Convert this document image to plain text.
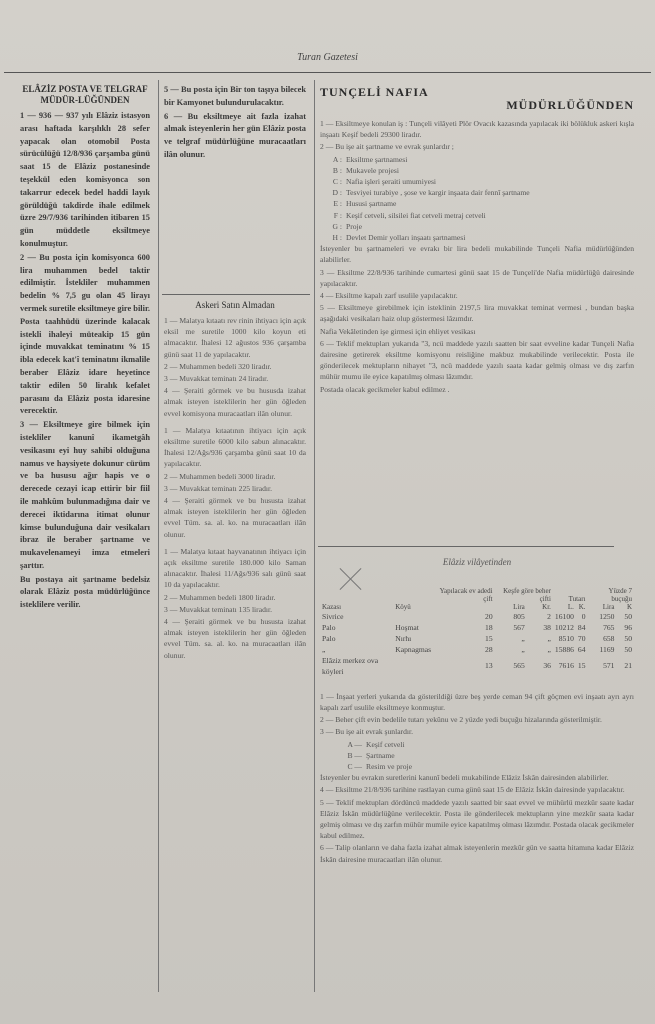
Turan Gazetesi
ELÂZİZ POSTA VE TELGRAF MÜDÜR-LÜĞÜNDEN

1 — 936 — 937 yılı Elâziz istasyon arası haftada karşılıklı 28 sefer yapacak olan otomobil Posta sürücülüğü 12/8/936 çarşamba günü saat 15 de Elâziz postanesinde teşekkül eden komisyonca son takarrur edecek bedel haddi layık görüldüğü takdirde ihale edilmek üzre 29/7/936 tarihinden itibaren 15 gün müddetle eksiltmeye konulmuştur.

2 — Bu posta için komisyonca 600 lira muhammen bedel taktir edilmiştir. İstekliler muhammen bedelin % 7,5 gu olan 45 lirayı vermek suretile eksiltmeye gire bilir. Posta taahhüdü üzerinde kalacak istekli ihaleyi müteakip 15 gün içinde muvakkat teminatını % 15 ibla edecek kat'î teminatını ikmalile beraber Elâziz idare heyetince taktir edilen 50 liralık kefalet parasını da Elâziz posta idaresine verecektir.

3 — Eksiltmeye gire bilmek için istekliler kanunî ikametgâh vesikasını eyi huy sahibi olduğuna namus ve haysiyete dokunur cürüm ve ba hususu ağır hapis ve o derecede cezayi icap ettirir bir fiil ile mahkûm bulunmadığına dair ve derecei iktidarına itimat olunur kimse bulunduğuna dair vesikaları ibraz ile beraber şartname ve mukavelenameyi imza etmeleri şarttır.

Bu postaya ait şartname bedelsiz olarak Elâziz posta müdürlüğünce isteklilere verilir.

5 — Bu posta için Bir ton taşıya bilecek bir Kamyonet bulundurulacaktır.

6 — Bu eksiltmeye ait fazla izahat almak isteyenlerin her gün Elâziz posta ve telgraf müdürlüğüne muracaatları ilân olunur.

Askeri Satın Almadan

1 — Malatya kıtaatı rev rinin ihtiyacı için açık eksil me suretile 1000 kilo koyun eti almacaktır. İhalesi 12 ağustos 936 çarşamba günü saat 11 de yapılacaktır.

2 — Muhammen bedeli 320 liradır.

3 — Muvakkat teminatı 24 liradır.

4 — Şeraiti görmek ve bu hususda izahat almak isteyen isteklilerin her gün öğleden evvel komisyona muracaatları ilân olunur.

1 — Malatya kıtaatının ihtiyacı için açık eksiltme suretile 6000 kilo sabun alınacaktır. İhalesi 12/Ağs/936 çarşamba günü saat 10 da yapılacaktır.

2 — Muhammen bedeli 3000 liradır.

3 — Muvakkat teminatı 225 liradır.

4 — Şeraiti görmek ve bu hususta izahat almak isteyen isteklilerin her gün öğleden evvel Tüm. sa. al. ko. na muracaatları ilân olunur.

1 — Malatya kıtaat hayvanatının ihtiyacı için açık eksiltme suretile 180.000 kilo Saman alınacaktır. İhalesi 11/Ağs/936 salı günü saat 10 da yapılacaktır.

2 — Muhammen bedeli 1800 liradır.

3 — Muvakkat teminatı 135 liradır.

4 — Şeraiti görmek ve bu hususta izahat almak isteyen isteklilerin her gün öğleden evvel Tüm. sa. al. ko. na muracaatları ilân olunur.

TUNÇELİ NAFIA
MÜDÜRLÜĞÜNDEN

1 — Eksiltmeye konulan iş : Tunçeli vilâyeti Plör Ovacık kazasında yapılacak iki bölükluk askeri kışla inşaatı Keşif bedeli 29300 liradır.

2 — Bu işe ait şartname ve evrak şunlardır ;

A : Eksiltme şartnamesi
B : Mukavele projesi
C : Nafia işleri şeraiti umumiyesi
D : Tesviyei turabiye , şose ve kargir inşaata dair fennî şartname
E : Hususi şartname
F : Keşif cetveli, silsilei fiat cetveli metraj cetveli
G : Proje
H : Devlet Demir yolları inşaatı şartnamesi

İsteyenler bu şartnameleri ve evrakı bir lira bedeli mukabilinde Tunçeli Nafia müdürlüğünden alabilirler.

3 — Eksiltme 22/8/936 tarihinde cumartesi günü saat 15 de Tunçeli'de Nafia müdürlüğü dairesinde yapılacaktır.

4 — Eksiltme kapalı zarf usulile yapılacaktır.

5 — Eksiltmeye girebilmek için isteklinin 2197,5 lira muvakkat teminat vermesi , bundan başka aşağıdaki vesikaları haiz olup göstermesi lâzımdır.

Nafia Vekâletinden işe girmesi için ehliyet vesikası

6 — Teklif mektupları yukarıda "3, ncü maddede yazılı saatten bir saat evveline kadar Tunçeli Nafia dairesine getirerek eksiltme komisyonu reisliğine makbuz mukabilinde verilecektir. Posta ile gönderilecek mektupların nihayet "3, ncü maddede yazılı saata kadar gelmiş olması ve dış zarfın mühür mumu ile eyice kapatılmış olması lâzımdır.

Postada olacak gecikmeler kabul edilmez .

Elâziz vilâyetinden
		Yapılacak ev adedi çift	Keşfe göre beher çifti		Tutarı		Yüzde 7 buçuğu	
Kazası	Köyü		Lira	Kr.	L.	K.	Lira	K
Sivrice		20	805	2	16100	0	1250	50
Palo	Hoşmat	18	567	38	10212	84	765	96
Palo	Nırhı	15	„	„	8510	70	658	50
„	Kapnagmas	28	„	„	15886	64	1169	50
Elâziz merkez ova köyleri		13	565	36	7616	15	571	21

1 — İnşaat yerleri yukarıda da gösterildiği üzre beş yerde ceman 94 çift göçmen evi inşaatı ayrı ayrı kapalı zarf usulile eksiltmeye konmuştur.

2 — Beher çift evin bedelile tutarı yekûnu ve 2 yüzde yedi buçuğu hizalarında gösterilmiştir.

3 — Bu işe ait evrak şunlardır.

A — Keşif cetveli
B — Şartname
C — Resim ve proje

İsteyenler bu evrakın suretlerini kanunî bedeli mukabilinde Elâziz İskân dairesinden alabilirler.

4 — Eksiltme 21/8/936 tarihine rastlayan cuma günü saat 15 de Elâziz İskân dairesinde yapılacaktır.

5 — Teklif mektupları dördüncü maddede yazılı saatted bir saat evvel ve mühürlü mezkûr saate kadar Elâziz İskân müdürlüğüne verilecektir. Posta ile gönderilecek mektupların yine mezkûr saata kadar gelmiş olması ve dış zarfın mühür mumile eyice kapatılmış olması lâzımdır. Postada olacak gecikmeler kabul edilmez.

6 — Talip olanların ve daha fazla izahat almak isteyenlerin mezkûr gün ve saatta hitamına kadar Elâziz İskân dairesine muracaatları ilân olunur.
